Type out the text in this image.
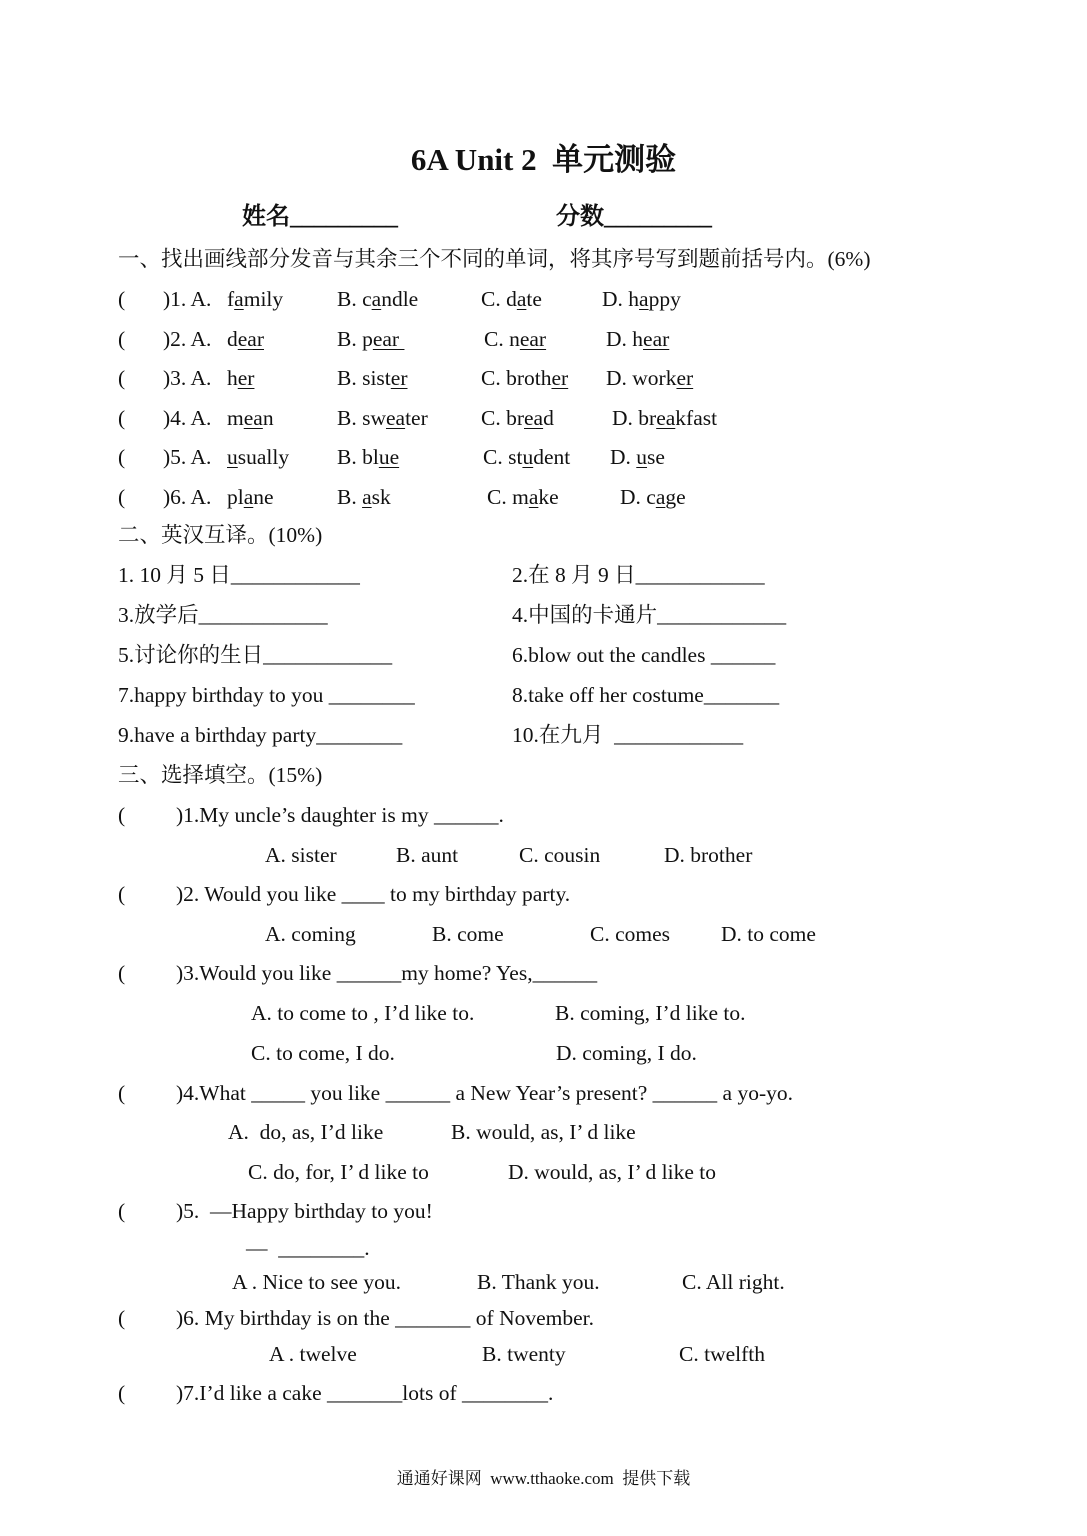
6A Unit 2  单元测验
姓名_________	分数_________
一、找出画线部分发音与其余三个不同的单词，将其序号写到题前括号内。(6%)
( )1. A. family	B. candle	C. date	D. happy
( )2. A. dear	B. pear	C. near	D. hear
( )3. A. her	B. sister	C. brother D. worker
( )4. A. mean	B. sweater C. bread	D. breakfast
( )5. A. usually B. blue	C. student D. use
( )6. A. plane	B. ask	C. make	D. cage
二、英汉互译。(10%)
1. 10 月 5 日____________	2.在 8 月 9 日____________
3.放学后____________	4.中国的卡通片____________
5.讨论你的生日____________	6.blow out the candles ______
7.happy birthday to you ________	8.take off her costume_______
9.have a birthday party________	10.在九月  ____________
三、选择填空。(15%)
( )1.My uncle’s daughter is my ______.
A. sister	B. aunt	C. cousin	D. brother
( )2. Would you like ____ to my birthday party.
A. coming	B. come	C. comes D. to come
( )3.Would you like ______my home? Yes,______
A. to come to , I’d like to.	B. coming, I’d like to.
C. to come, I do.	D. coming, I do.
( )4.What _____ you like ______ a New Year’s present? ______ a yo-yo.
A.  do, as, I’d like	B. would, as, I’ d like
C. do, for, I’ d like to	D. would, as, I’ d like to
( )5.  —Happy birthday to you!
—  ________.
A . Nice to see you.	B. Thank you.	C. All right.
( )6. My birthday is on the _______ of November.
A . twelve	B. twenty	C. twelfth
( )7.I’d like a cake _______lots of ________.
通通好课网  www.tthaoke.com  提供下载
